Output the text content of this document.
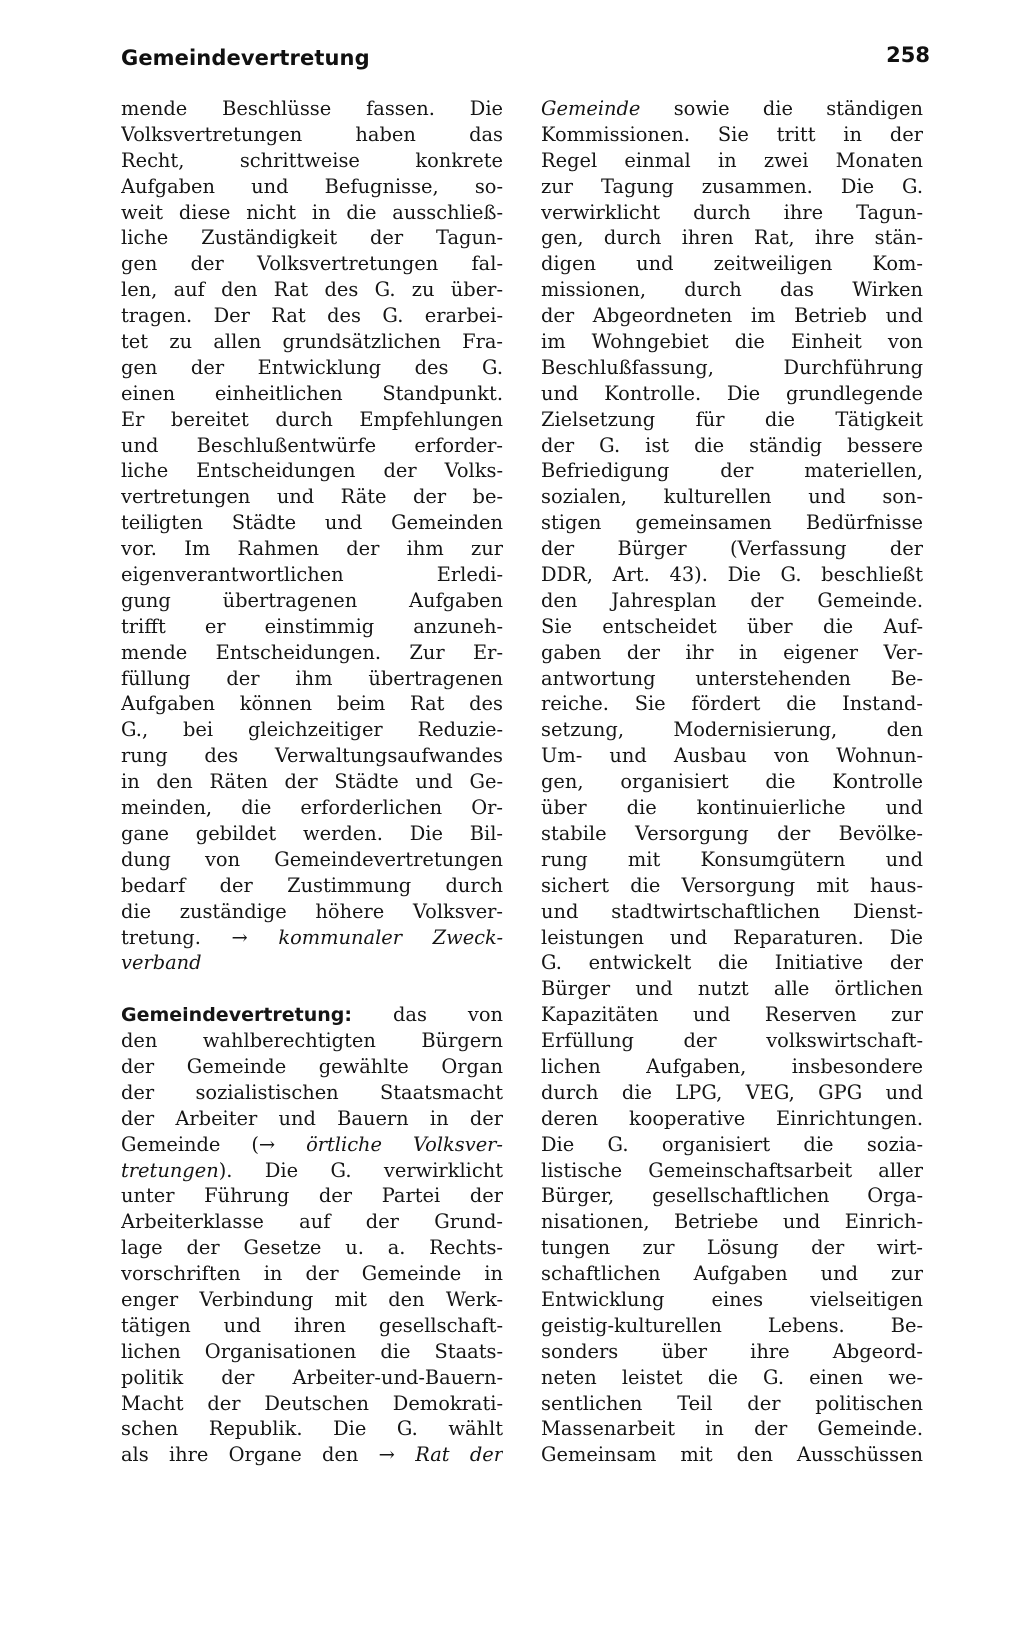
Gemeindevertretung	258
mende Beschlüsse fassen. Die
Volksvertretungen haben das
Recht, schrittweise konkrete
Aufgaben und Befugnisse, so-
weit diese nicht in die ausschließ-
liche Zuständigkeit der Tagun-
gen der Volksvertretungen fal-
len, auf den Rat des G. zu über-
tragen. Der Rat des G. erarbei-
tet zu allen grundsätzlichen Fra-
gen der Entwicklung des G.
einen einheitlichen Standpunkt.
Er bereitet durch Empfehlungen
und Beschlußentwürfe erforder-
liche Entscheidungen der Volks-
vertretungen und Räte der be-
teiligten Städte und Gemeinden
vor. Im Rahmen der ihm zur
eigenverantwortlichen Erledi-
gung übertragenen Aufgaben
trifft er einstimmig anzuneh-
mende Entscheidungen. Zur Er-
füllung der ihm übertragenen
Aufgaben können beim Rat des
G., bei gleichzeitiger Reduzie-
rung des Verwaltungsaufwandes
in den Räten der Städte und Ge-
meinden, die erforderlichen Or-
gane gebildet werden. Die Bil-
dung von Gemeindevertretungen
bedarf der Zustimmung durch
die zuständige höhere Volksver-
tretung. → kommunaler Zweck-
verband
Gemeindevertretung: das von
den wahlberechtigten Bürgern
der Gemeinde gewählte Organ
der sozialistischen Staatsmacht
der Arbeiter und Bauern in der
Gemeinde (→ örtliche Volksver-
tretungen). Die G. verwirklicht
unter Führung der Partei der
Arbeiterklasse auf der Grund-
lage der Gesetze u. a. Rechts-
vorschriften in der Gemeinde in
enger Verbindung mit den Werk-
tätigen und ihren gesellschaft-
lichen Organisationen die Staats-
politik der Arbeiter-und-Bauern-
Macht der Deutschen Demokrati-
schen Republik. Die G. wählt
als ihre Organe den → Rat der
Gemeinde sowie die ständigen
Kommissionen. Sie tritt in der
Regel einmal in zwei Monaten
zur Tagung zusammen. Die G.
verwirklicht durch ihre Tagun-
gen, durch ihren Rat, ihre stän-
digen und zeitweiligen Kom-
missionen, durch das Wirken
der Abgeordneten im Betrieb und
im Wohngebiet die Einheit von
Beschlußfassung, Durchführung
und Kontrolle. Die grundlegende
Zielsetzung für die Tätigkeit
der G. ist die ständig bessere
Befriedigung der materiellen,
sozialen, kulturellen und son-
stigen gemeinsamen Bedürfnisse
der Bürger (Verfassung der
DDR, Art. 43). Die G. beschließt
den Jahresplan der Gemeinde.
Sie entscheidet über die Auf-
gaben der ihr in eigener Ver-
antwortung unterstehenden Be-
reiche. Sie fördert die Instand-
setzung, Modernisierung, den
Um- und Ausbau von Wohnun-
gen, organisiert die Kontrolle
über die kontinuierliche und
stabile Versorgung der Bevölke-
rung mit Konsumgütern und
sichert die Versorgung mit haus-
und stadtwirtschaftlichen Dienst-
leistungen und Reparaturen. Die
G. entwickelt die Initiative der
Bürger und nutzt alle örtlichen
Kapazitäten und Reserven zur
Erfüllung der volkswirtschaft-
lichen Aufgaben, insbesondere
durch die LPG, VEG, GPG und
deren kooperative Einrichtungen.
Die G. organisiert die sozia-
listische Gemeinschaftsarbeit aller
Bürger, gesellschaftlichen Orga-
nisationen, Betriebe und Einrich-
tungen zur Lösung der wirt-
schaftlichen Aufgaben und zur
Entwicklung eines vielseitigen
geistig-kulturellen Lebens. Be-
sonders über ihre Abgeord-
neten leistet die G. einen we-
sentlichen Teil der politischen
Massenarbeit in der Gemeinde.
Gemeinsam mit den Ausschüssen
